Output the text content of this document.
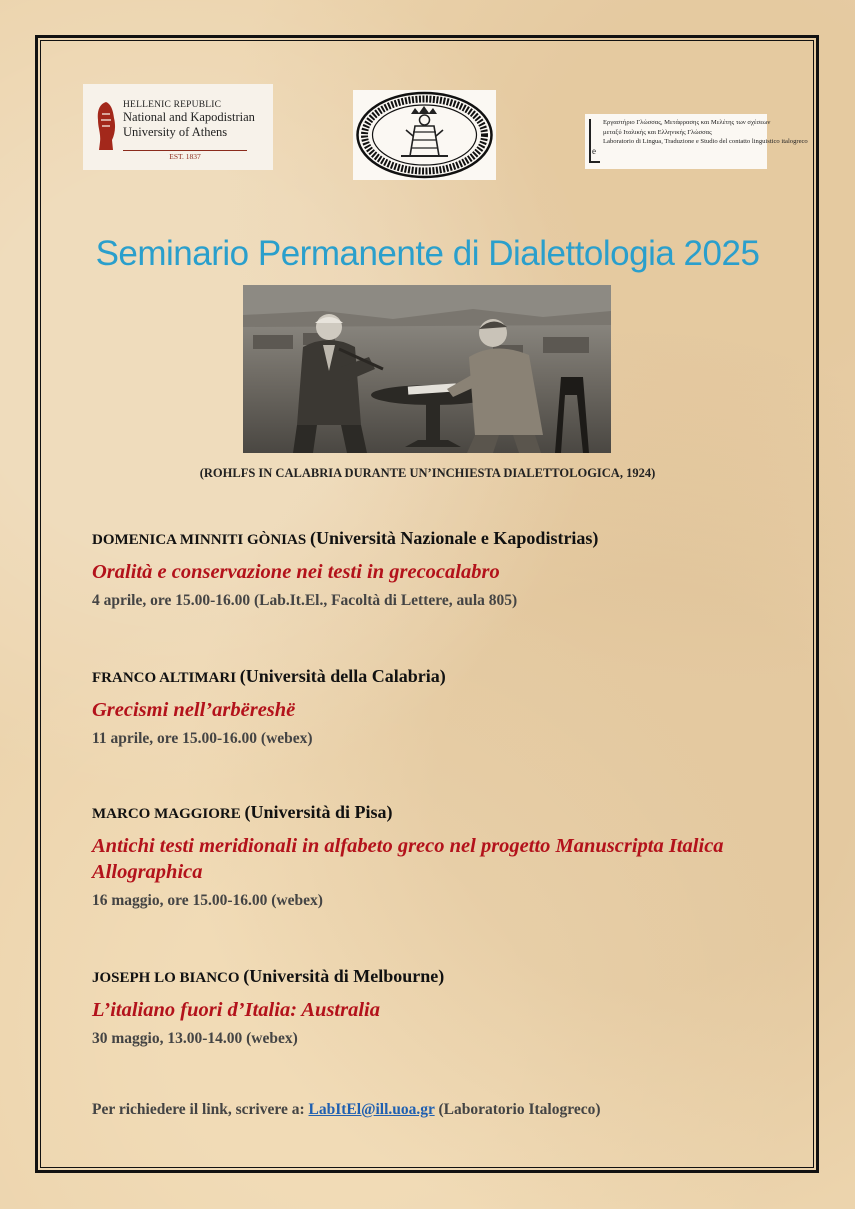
HELLENIC REPUBLIC
National and Kapodistrian
University of Athens
EST. 1837
e
Εργαστήριο Γλώσσας, Μετάφρασης και Μελέτης των σχέσεων
μεταξύ Ιταλικής και Ελληνικής Γλώσσας
Laboratorio di Lingua, Traduzione e Studio del contatto linguistico italogreco
Seminario Permanente di Dialettologia 2025
(ROHLFS IN CALABRIA DURANTE UN’INCHIESTA DIALETTOLOGICA, 1924)
DOMENICA MINNITI GÒNIAS (Università Nazionale e Kapodistrias)
Oralità e conservazione nei testi in grecocalabro
4 aprile, ore 15.00-16.00 (Lab.It.El., Facoltà di Lettere, aula 805)
FRANCO ALTIMARI (Università della Calabria)
Grecismi nell’arbëreshë
11 aprile, ore 15.00-16.00 (webex)
MARCO MAGGIORE (Università di Pisa)
Antichi testi meridionali in alfabeto greco nel progetto Manuscripta Italica Allographica
16 maggio, ore 15.00-16.00 (webex)
JOSEPH LO BIANCO (Università di Melbourne)
L’italiano fuori d’Italia: Australia
30 maggio, 13.00-14.00 (webex)
Per richiedere il link, scrivere a: LabItEl@ill.uoa.gr (Laboratorio Italogreco)
